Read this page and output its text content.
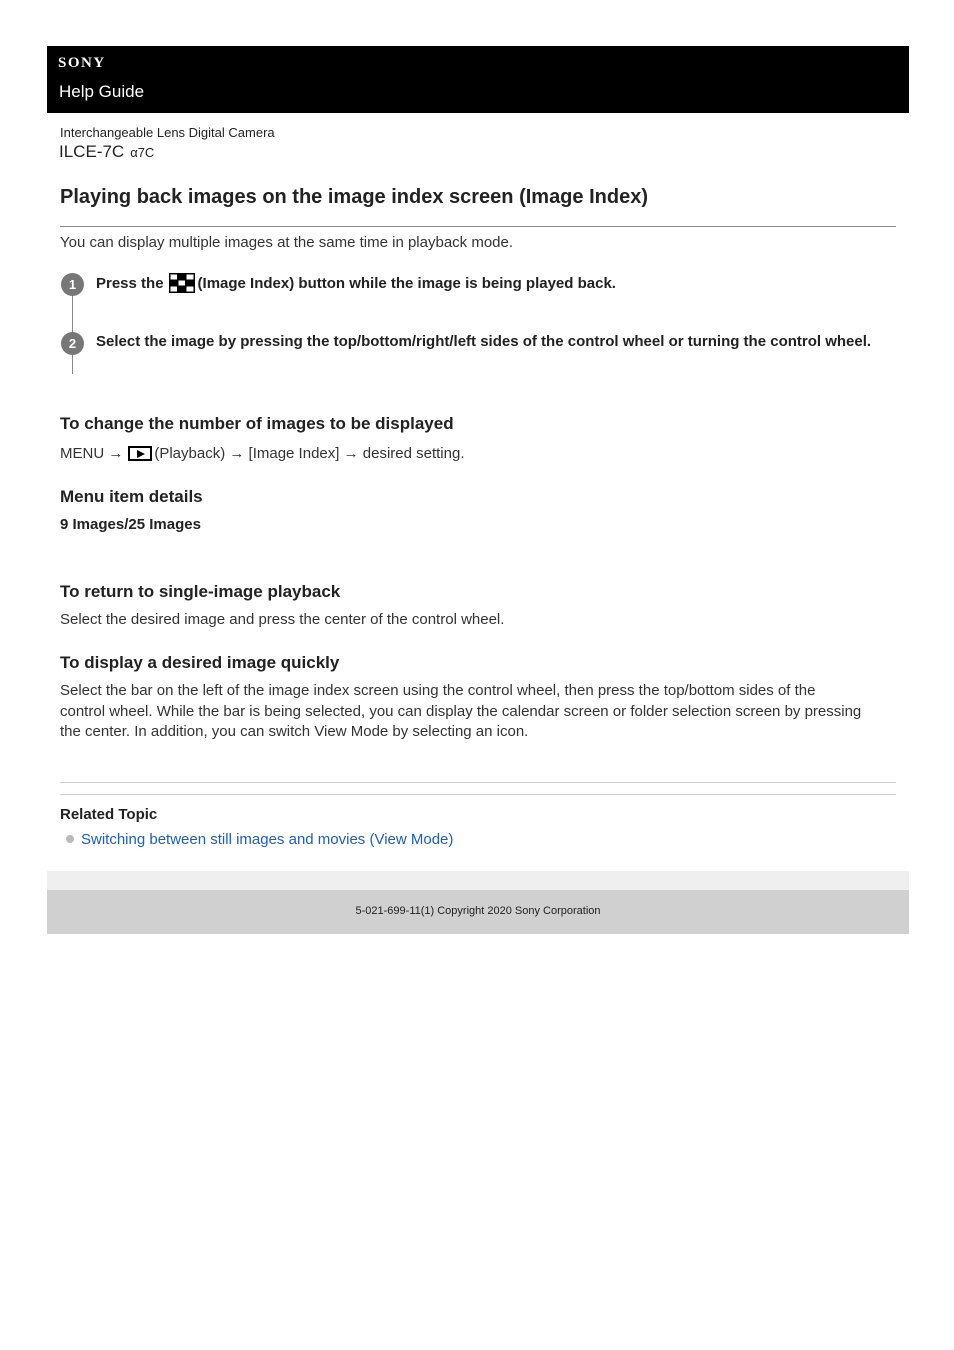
SONY
Help Guide
Interchangeable Lens Digital Camera
ILCE-7C α7C
Playing back images on the image index screen (Image Index)
You can display multiple images at the same time in playback mode.
1	Press the (Image Index) button while the image is being played back.
2	Select the image by pressing the top/bottom/right/left sides of the control wheel or turning the control wheel.
To change the number of images to be displayed
MENU → (Playback) → [Image Index] → desired setting.
Menu item details
9 Images/25 Images
To return to single-image playback
Select the desired image and press the center of the control wheel.
To display a desired image quickly
Select the bar on the left of the image index screen using the control wheel, then press the top/bottom sides of the
control wheel. While the bar is being selected, you can display the calendar screen or folder selection screen by pressing
the center. In addition, you can switch View Mode by selecting an icon.
Related Topic
Switching between still images and movies (View Mode)
5-021-699-11(1) Copyright 2020 Sony Corporation
